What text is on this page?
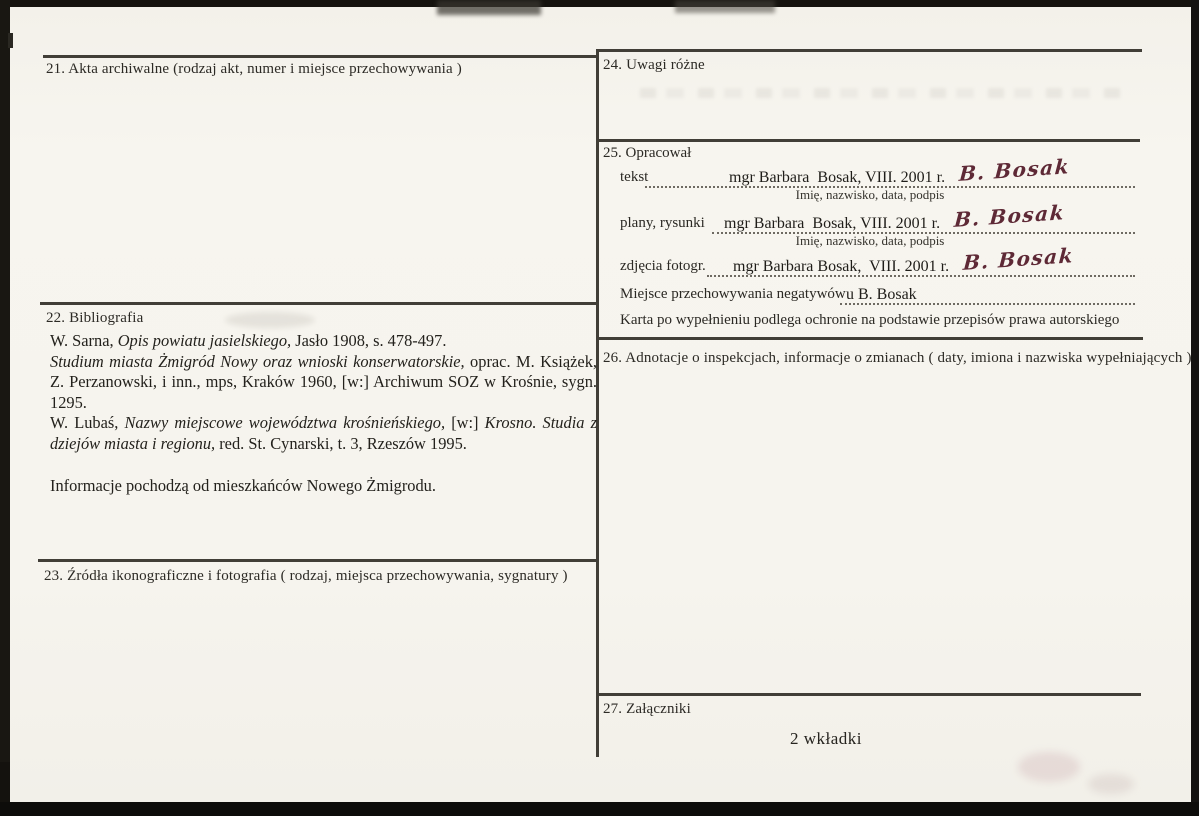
21. Akta archiwalne (rodzaj akt, numer i miejsce przechowywania )
22. Bibliografia

W. Sarna, Opis powiatu jasielskiego, Jasło 1908, s. 478-497.

Studium miasta Żmigród Nowy oraz wnioski konserwatorskie, oprac. M. Książek, Z. Perzanowski, i inn., mps, Kraków 1960, [w:] Archiwum SOZ w Krośnie, sygn. 1295.

W. Lubaś, Nazwy miejscowe województwa krośnieńskiego, [w:] Krosno. Studia z dziejów miasta i regionu, red. St. Cynarski, t. 3, Rzeszów 1995.

Informacje pochodzą od mieszkańców Nowego Żmigrodu.

23. Źródła ikonograficzne i fotografia ( rodzaj, miejsca przechowywania, sygnatury )
24. Uwagi różne
25. Opracował
tekst	mgr Barbara  Bosak, VIII. 2001 r. B. Bosak
Imię, nazwisko, data, podpis
plany, rysunki mgr Barbara  Bosak, VIII. 2001 r. B. Bosak
Imię, nazwisko, data, podpis
zdjęcia fotogr. mgr Barbara Bosak,  VIII. 2001 r. B. Bosak
Miejsce przechowywania negatywów u B. Bosak
Karta po wypełnieniu podlega ochronie na podstawie przepisów prawa autorskiego
26. Adnotacje o inspekcjach, informacje o zmianach ( daty, imiona i nazwiska wypełniających )
27. Załączniki
2 wkładki
